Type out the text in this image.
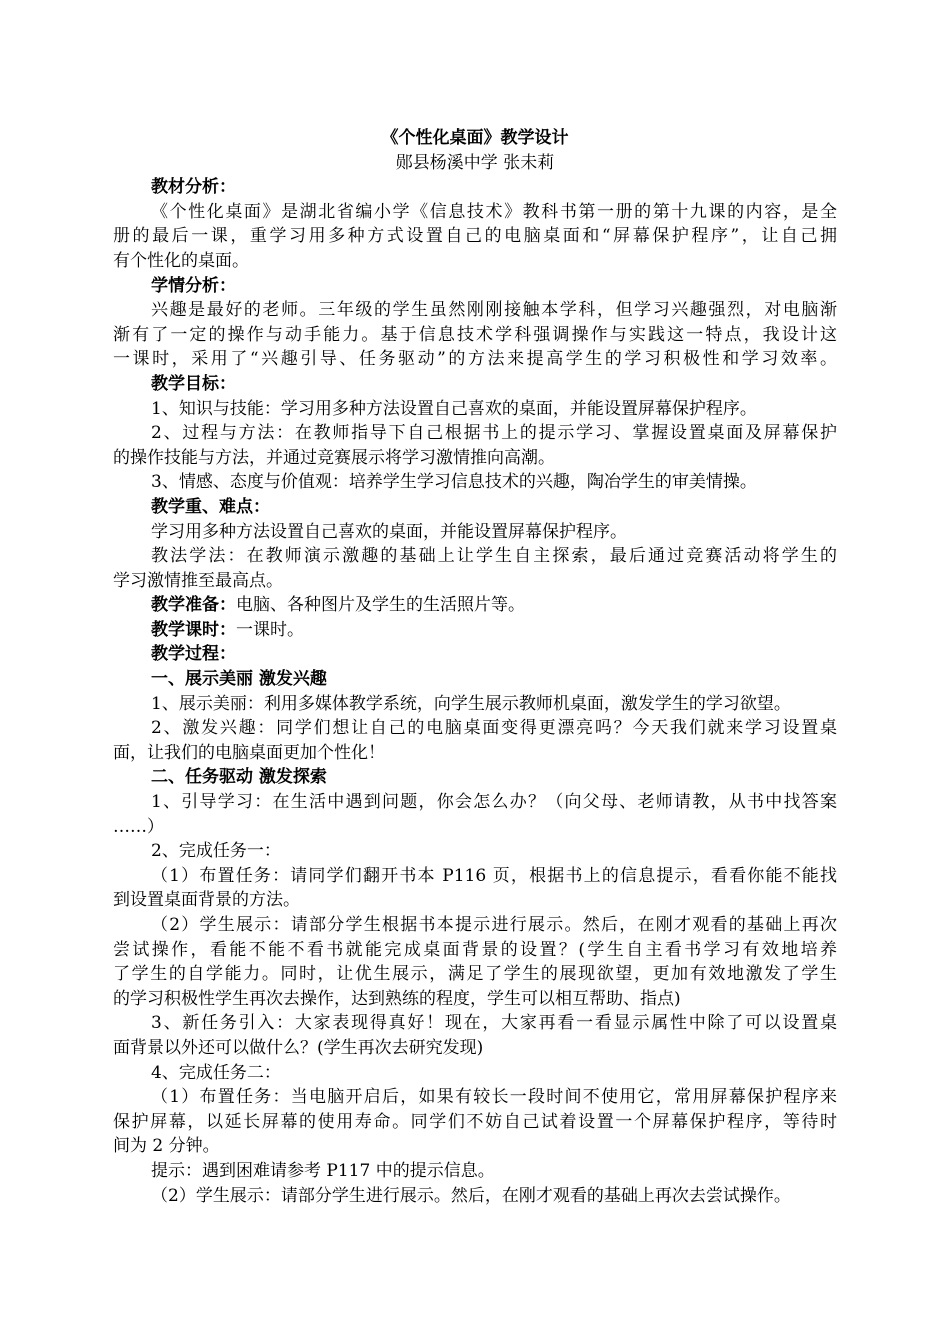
《个性化桌面》教学设计
郧县杨溪中学 张未莉
教材分析：
《个性化桌面》是湖北省编小学《信息技术》教科书第一册的第十九课的内容，是全
册的最后一课，重学习用多种方式设置自己的电脑桌面和“屏幕保护程序”，让自己拥
有个性化的桌面。
学情分析：
兴趣是最好的老师。三年级的学生虽然刚刚接触本学科，但学习兴趣强烈，对电脑渐
渐有了一定的操作与动手能力。基于信息技术学科强调操作与实践这一特点，我设计这
一课时，采用了“兴趣引导、任务驱动”的方法来提高学生的学习积极性和学习效率。
教学目标：
1、知识与技能：学习用多种方法设置自己喜欢的桌面，并能设置屏幕保护程序。
2、过程与方法：在教师指导下自己根据书上的提示学习、掌握设置桌面及屏幕保护
的操作技能与方法，并通过竞赛展示将学习激情推向高潮。
3、情感、态度与价值观：培养学生学习信息技术的兴趣，陶冶学生的审美情操。
教学重、难点：
学习用多种方法设置自己喜欢的桌面，并能设置屏幕保护程序。
教法学法：在教师演示激趣的基础上让学生自主探索，最后通过竞赛活动将学生的
学习激情推至最高点。
教学准备：电脑、各种图片及学生的生活照片等。
教学课时：一课时。
教学过程：
一、展示美丽 激发兴趣
1、展示美丽：利用多媒体教学系统，向学生展示教师机桌面，激发学生的学习欲望。
2、激发兴趣：同学们想让自己的电脑桌面变得更漂亮吗？今天我们就来学习设置桌
面，让我们的电脑桌面更加个性化！
二、任务驱动 激发探索
1、引导学习：在生活中遇到问题，你会怎么办？（向父母、老师请教，从书中找答案
……）
2、完成任务一：
（1）布置任务：请同学们翻开书本 P116 页，根据书上的信息提示，看看你能不能找
到设置桌面背景的方法。
（2）学生展示：请部分学生根据书本提示进行展示。然后，在刚才观看的基础上再次
尝试操作，看能不能不看书就能完成桌面背景的设置？(学生自主看书学习有效地培养
了学生的自学能力。同时，让优生展示，满足了学生的展现欲望，更加有效地激发了学生
的学习积极性学生再次去操作，达到熟练的程度，学生可以相互帮助、指点)
3、新任务引入：大家表现得真好！现在，大家再看一看显示属性中除了可以设置桌
面背景以外还可以做什么？(学生再次去研究发现)
4、完成任务二：
（1）布置任务：当电脑开启后，如果有较长一段时间不使用它，常用屏幕保护程序来
保护屏幕，以延长屏幕的使用寿命。同学们不妨自己试着设置一个屏幕保护程序，等待时
间为 2 分钟。
提示：遇到困难请参考 P117 中的提示信息。
（2）学生展示：请部分学生进行展示。然后，在刚才观看的基础上再次去尝试操作。
